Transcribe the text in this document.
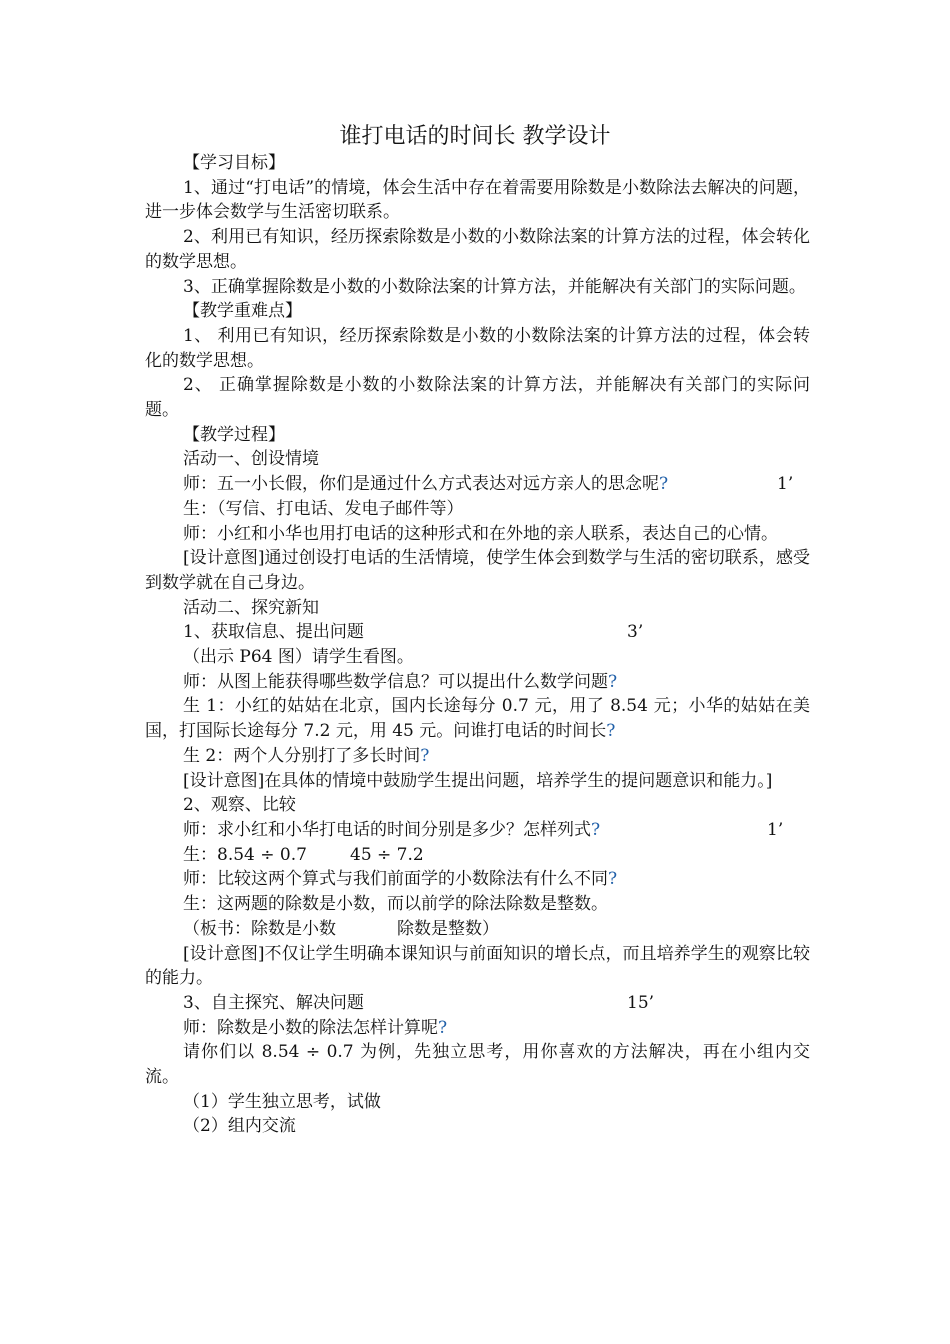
谁打电话的时间长 教学设计
【学习目标】
1、通过“打电话”的情境，体会生活中存在着需要用除数是小数除法去解决的问题，进一步体会数学与生活密切联系。
2、利用已有知识，经历探索除数是小数的小数除法案的计算方法的过程，体会转化的数学思想。
3、正确掌握除数是小数的小数除法案的计算方法，并能解决有关部门的实际问题。
【教学重难点】
1、 利用已有知识，经历探索除数是小数的小数除法案的计算方法的过程，体会转化的数学思想。
2、 正确掌握除数是小数的小数除法案的计算方法，并能解决有关部门的实际问题。
【教学过程】
活动一、创设情境
师：五一小长假，你们是通过什么方式表达对远方亲人的思念呢?	1’
生：（写信、打电话、发电子邮件等）
师：小红和小华也用打电话的这种形式和在外地的亲人联系，表达自己的心情。
[设计意图]通过创设打电话的生活情境，使学生体会到数学与生活的密切联系，感受到数学就在自己身边。
活动二、探究新知
1、获取信息、提出问题	3’
（出示 P64 图）请学生看图。
师：从图上能获得哪些数学信息？可以提出什么数学问题?
生 1：小红的姑姑在北京，国内长途每分 0.7 元，用了 8.54 元；小华的姑姑在美国，打国际长途每分 7.2 元，用 45 元。问谁打电话的时间长?
生 2：两个人分别打了多长时间?
[设计意图]在具体的情境中鼓励学生提出问题，培养学生的提问题意识和能力。]
2、观察、比较
师：求小红和小华打电话的时间分别是多少？怎样列式?	1’
生：8.54 ÷ 0.7	45 ÷ 7.2
师：比较这两个算式与我们前面学的小数除法有什么不同?
生：这两题的除数是小数，而以前学的除法除数是整数。
（板书：除数是小数	除数是整数）
[设计意图]不仅让学生明确本课知识与前面知识的增长点，而且培养学生的观察比较的能力。
3、自主探究、解决问题	15’
师：除数是小数的除法怎样计算呢?
请你们以 8.54 ÷ 0.7 为例，先独立思考，用你喜欢的方法解决，再在小组内交流。
（1）学生独立思考，试做
（2）组内交流
